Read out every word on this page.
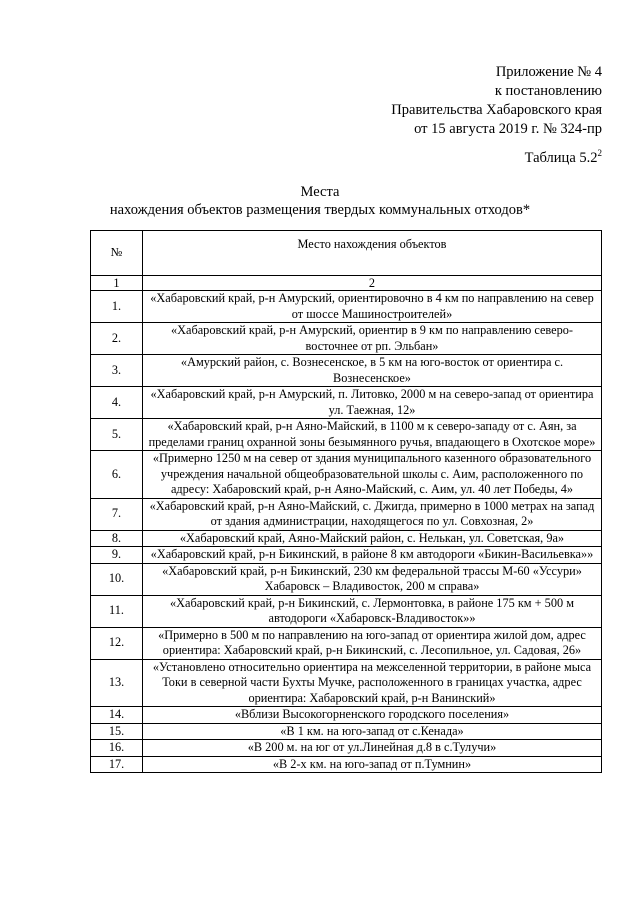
Приложение № 4
к постановлению
Правительства Хабаровского края
от 15 августа 2019 г. № 324-пр
Таблица $5.2^2$
Места
нахождения объектов размещения твердых коммунальных отходов*
№	Место нахождения объектов
1	2
1.	«Хабаровский край, р-н Амурский, ориентировочно в 4 км по направлению на север от шоссе Машиностроителей»
2.	«Хабаровский край, р-н Амурский, ориентир в 9 км по направлению северо-восточнее от рп. Эльбан»
3.	«Амурский район, с. Вознесенское, в 5 км на юго-восток от ориентира с. Вознесенское»
4.	«Хабаровский край, р-н Амурский, п. Литовко, 2000 м на северо-запад от ориентира ул. Таежная, 12»
5.	«Хабаровский край, р-н Аяно-Майский, в 1100 м к северо-западу от с. Аян, за пределами границ охранной зоны безымянного ручья, впадающего в Охотское море»
6.	«Примерно 1250 м на север от здания муниципального казенного образовательного учреждения начальной общеобразовательной школы с. Аим, расположенного по адресу: Хабаровский край, р-н Аяно-Майский, с. Аим, ул. 40 лет Победы, 4»
7.	«Хабаровский край, р-н Аяно-Майский, с. Джигда, примерно в 1000 метрах на запад от здания администрации, находящегося по ул. Совхозная, 2»
8.	«Хабаровский край, Аяно-Майский район, с. Нелькан, ул. Советская, 9а»
9.	«Хабаровский край, р-н Бикинский, в районе 8 км автодороги «Бикин-Васильевка»»
10.	«Хабаровский край, р-н Бикинский, 230 км федеральной трассы М-60 «Уссури» Хабаровск – Владивосток, 200 м справа»
11.	«Хабаровский край, р-н Бикинский, с. Лермонтовка, в районе 175 км + 500 м автодороги «Хабаровск-Владивосток»»
12.	«Примерно в 500 м по направлению на юго-запад от ориентира жилой дом, адрес ориентира: Хабаровский край, р-н Бикинский, с. Лесопильное, ул. Садовая, 26»
13.	«Установлено относительно ориентира на межселенной территории, в районе мыса Токи в северной части Бухты Мучке, расположенного в границах участка, адрес ориентира: Хабаровский край, р-н Ванинский»
14.	«Вблизи Высокогорненского городского поселения»
15.	«В 1 км. на юго-запад от с.Кенада»
16.	«В 200 м. на юг от ул.Линейная д.8 в с.Тулучи»
17.	«В 2-х км. на юго-запад от п.Тумнин»
